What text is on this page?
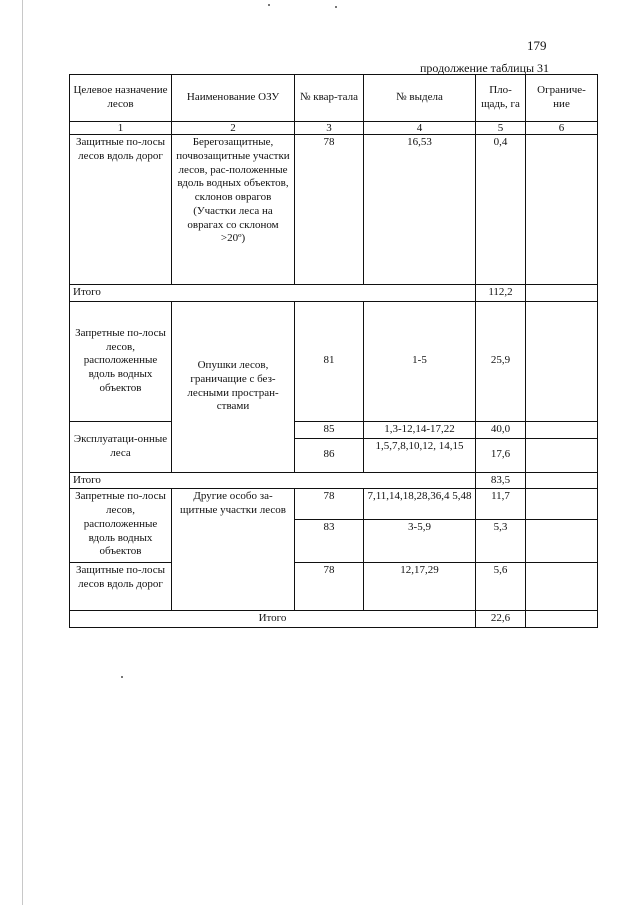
179
продолжение таблицы 31
Целевое назначение лесов	Наименование ОЗУ	№ квар-тала	№ выдела	Пло-щадь, га	Ограниче-ние
1	2	3	4	5	6
Защитные по-лосы лесов вдоль дорог	Берегозащитные, почвозащитные участки лесов, рас-положенные вдоль водных объектов, склонов оврагов (Участки леса на оврагах со склоном >20º)	78	16,53	0,4	
Итого				112,2	
Запретные по-лосы лесов, расположенные вдоль водных объектов	Опушки лесов, граничащие с без-лесными простран-ствами	81	1-5	25,9	
Эксплуатаци-онные леса		85	1,3-12,14-17,22	40,0	
		86	1,5,7,8,10,12, 14,15	17,6	
Итого				83,5	
Запретные по-лосы лесов, расположенные вдоль водных объектов	Другие особо за-щитные участки лесов	78	7,11,14,18,28,36,4 5,48	11,7	
		83	3-5,9	5,3	
Защитные по-лосы лесов вдоль дорог		78	12,17,29	5,6	
Итого				22,6	
